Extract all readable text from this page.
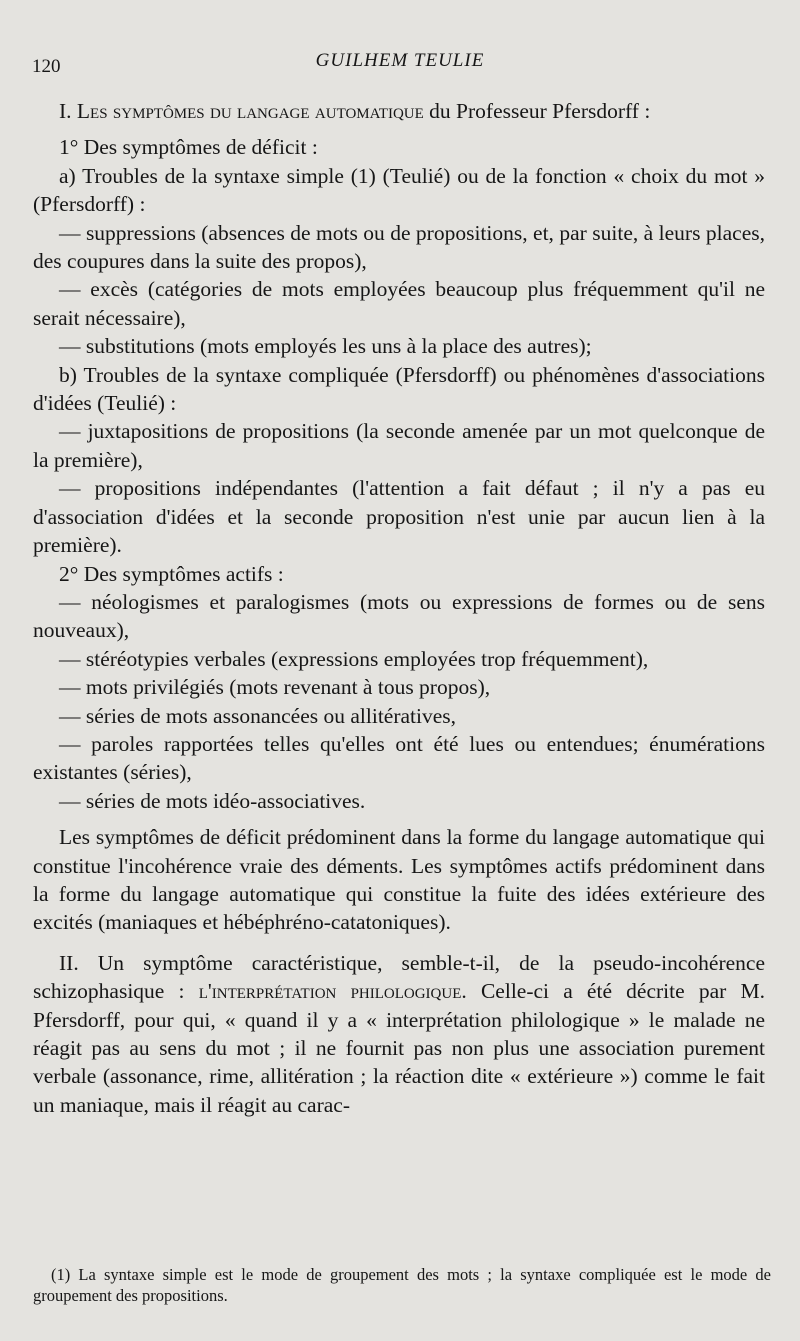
120	GUILHEM TEULIE

I. Les symptômes du langage automatique du Professeur Pfersdorff :

1° Des symptômes de déficit :

a) Troubles de la syntaxe simple (1) (Teulié) ou de la fonction « choix du mot » (Pfersdorff) :

— suppressions (absences de mots ou de propositions, et, par suite, à leurs places, des coupures dans la suite des propos),

— excès (catégories de mots employées beaucoup plus fréquemment qu'il ne serait nécessaire),

— substitutions (mots employés les uns à la place des autres);

b) Troubles de la syntaxe compliquée (Pfersdorff) ou phénomènes d'associations d'idées (Teulié) :

— juxtapositions de propositions (la seconde amenée par un mot quelconque de la première),

— propositions indépendantes (l'attention a fait défaut ; il n'y a pas eu d'association d'idées et la seconde proposition n'est unie par aucun lien à la première).

2° Des symptômes actifs :

— néologismes et paralogismes (mots ou expressions de formes ou de sens nouveaux),

— stéréotypies verbales (expressions employées trop fréquemment),

— mots privilégiés (mots revenant à tous propos),

— séries de mots assonancées ou allitératives,

— paroles rapportées telles qu'elles ont été lues ou entendues; énumérations existantes (séries),

— séries de mots idéo-associatives.

Les symptômes de déficit prédominent dans la forme du langage automatique qui constitue l'incohérence vraie des déments. Les symptômes actifs prédominent dans la forme du langage automatique qui constitue la fuite des idées extérieure des excités (maniaques et hébéphréno-catatoniques).

II. Un symptôme caractéristique, semble-t-il, de la pseudo-incohérence schizophasique : l'interprétation philologique. Celle-ci a été décrite par M. Pfersdorff, pour qui, « quand il y a « interprétation philologique » le malade ne réagit pas au sens du mot ; il ne fournit pas non plus une association purement verbale (assonance, rime, allitération ; la réaction dite « extérieure ») comme le fait un maniaque, mais il réagit au carac-

(1) La syntaxe simple est le mode de groupement des mots ; la syntaxe compliquée est le mode de groupement des propositions.
